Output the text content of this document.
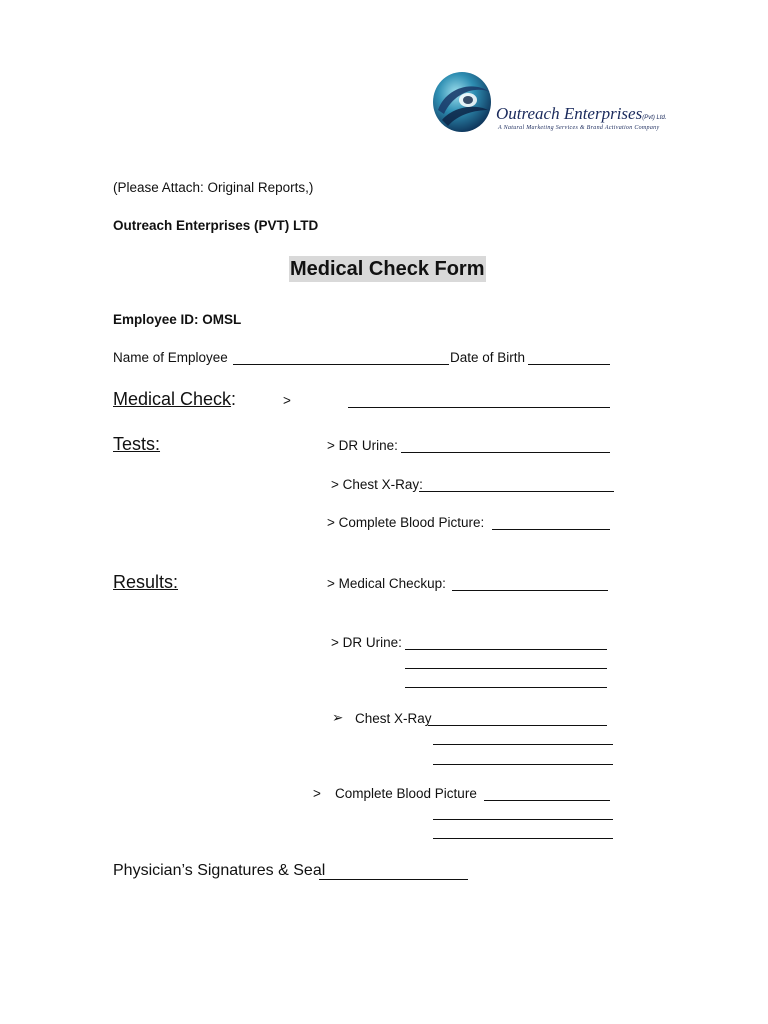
Outreach Enterprises(Pvt) Ltd.
A Natural Marketing Services & Brand Activation Company
(Please Attach: Original Reports,)
Outreach Enterprises (PVT) LTD
Medical Check Form
Employee ID: OMSL
Name of Employee	Date of Birth
Medical Check:	>
Tests:	> DR Urine:
> Chest X-Ray:
> Complete Blood Picture:
Results:	> Medical Checkup:
> DR Urine:
➢ Chest X-Ray
> Complete Blood Picture
Physician’s Signatures & Seal
